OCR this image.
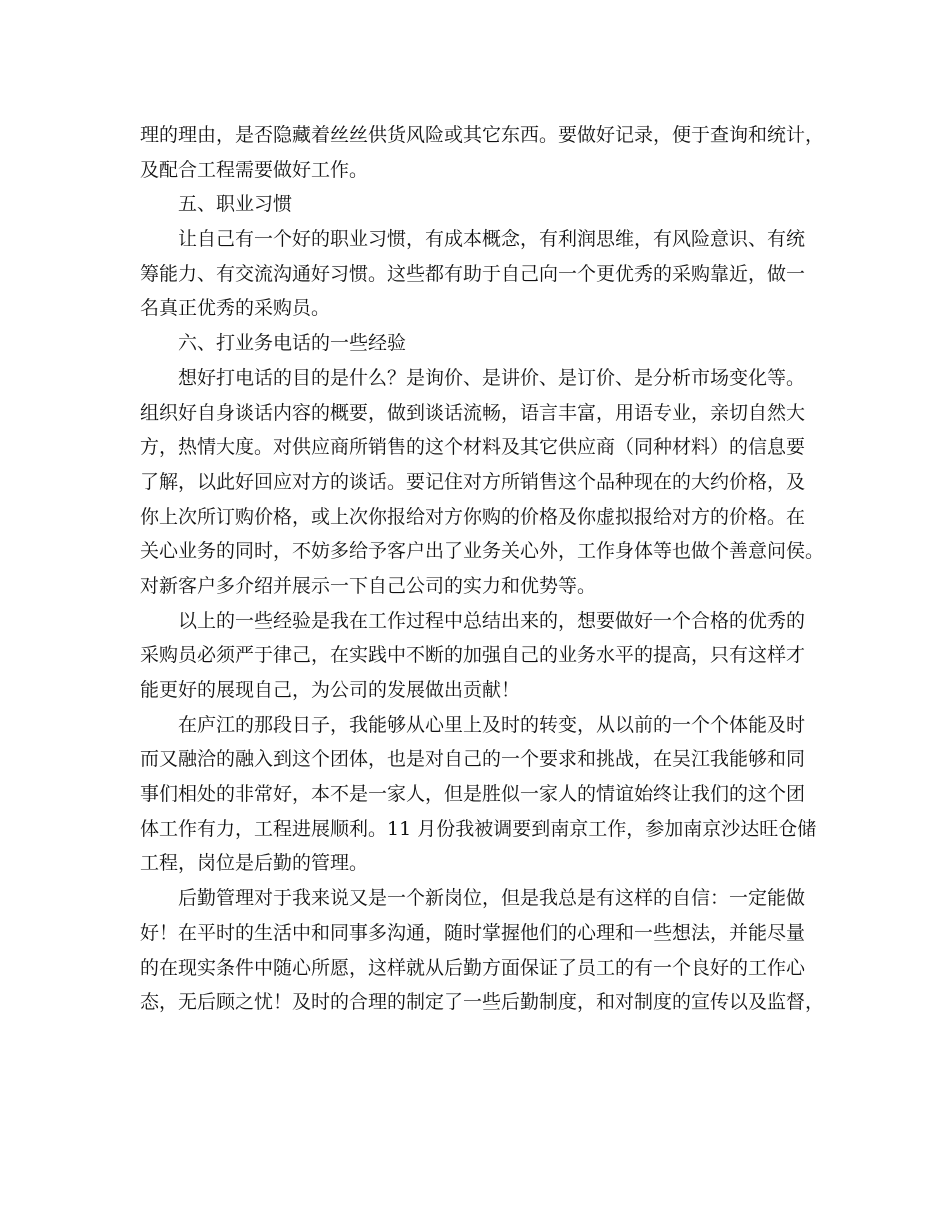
理的理由，是否隐藏着丝丝供货风险或其它东西。要做好记录，便于查询和统计，
及配合工程需要做好工作。
五、职业习惯
让自己有一个好的职业习惯，有成本概念，有利润思维，有风险意识、有统
筹能力、有交流沟通好习惯。这些都有助于自己向一个更优秀的采购靠近，做一
名真正优秀的采购员。
六、打业务电话的一些经验
想好打电话的目的是什么？是询价、是讲价、是订价、是分析市场变化等。
组织好自身谈话内容的概要，做到谈话流畅，语言丰富，用语专业，亲切自然大
方，热情大度。对供应商所销售的这个材料及其它供应商（同种材料）的信息要
了解，以此好回应对方的谈话。要记住对方所销售这个品种现在的大约价格，及
你上次所订购价格，或上次你报给对方你购的价格及你虚拟报给对方的价格。在
关心业务的同时，不妨多给予客户出了业务关心外，工作身体等也做个善意问侯。
对新客户多介绍并展示一下自己公司的实力和优势等。
以上的一些经验是我在工作过程中总结出来的，想要做好一个合格的优秀的
采购员必须严于律己，在实践中不断的加强自己的业务水平的提高，只有这样才
能更好的展现自己，为公司的发展做出贡献！
在庐江的那段日子，我能够从心里上及时的转变，从以前的一个个体能及时
而又融洽的融入到这个团体，也是对自己的一个要求和挑战，在吴江我能够和同
事们相处的非常好，本不是一家人，但是胜似一家人的情谊始终让我们的这个团
体工作有力，工程进展顺利。11 月份我被调要到南京工作，参加南京沙达旺仓储
工程，岗位是后勤的管理。
后勤管理对于我来说又是一个新岗位，但是我总是有这样的自信：一定能做
好！在平时的生活中和同事多沟通，随时掌握他们的心理和一些想法，并能尽量
的在现实条件中随心所愿，这样就从后勤方面保证了员工的有一个良好的工作心
态，无后顾之忧！及时的合理的制定了一些后勤制度，和对制度的宣传以及监督，
